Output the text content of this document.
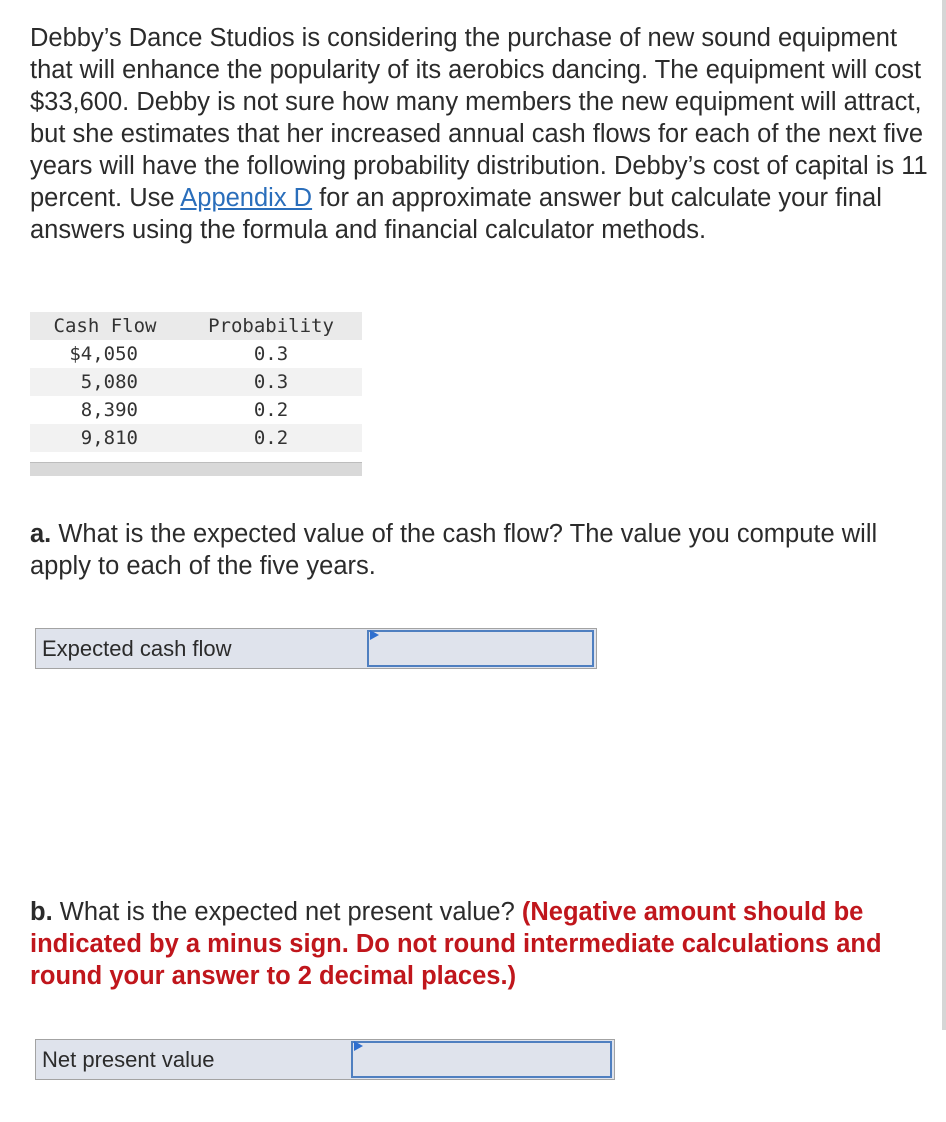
Debby’s Dance Studios is considering the purchase of new sound equipment that will enhance the popularity of its aerobics dancing. The equipment will cost $33,600. Debby is not sure how many members the new equipment will attract, but she estimates that her increased annual cash flows for each of the next five years will have the following probability distribution. Debby’s cost of capital is 11 percent. Use Appendix D for an approximate answer but calculate your final answers using the formula and financial calculator methods.

Cash Flow	Probability
$4,050	0.3
5,080	0.3
8,390	0.2
9,810	0.2

a. What is the expected value of the cash flow? The value you compute will apply to each of the five years.

Expected cash flow

b. What is the expected net present value? (Negative amount should be indicated by a minus sign. Do not round intermediate calculations and round your answer to 2 decimal places.)

Net present value
